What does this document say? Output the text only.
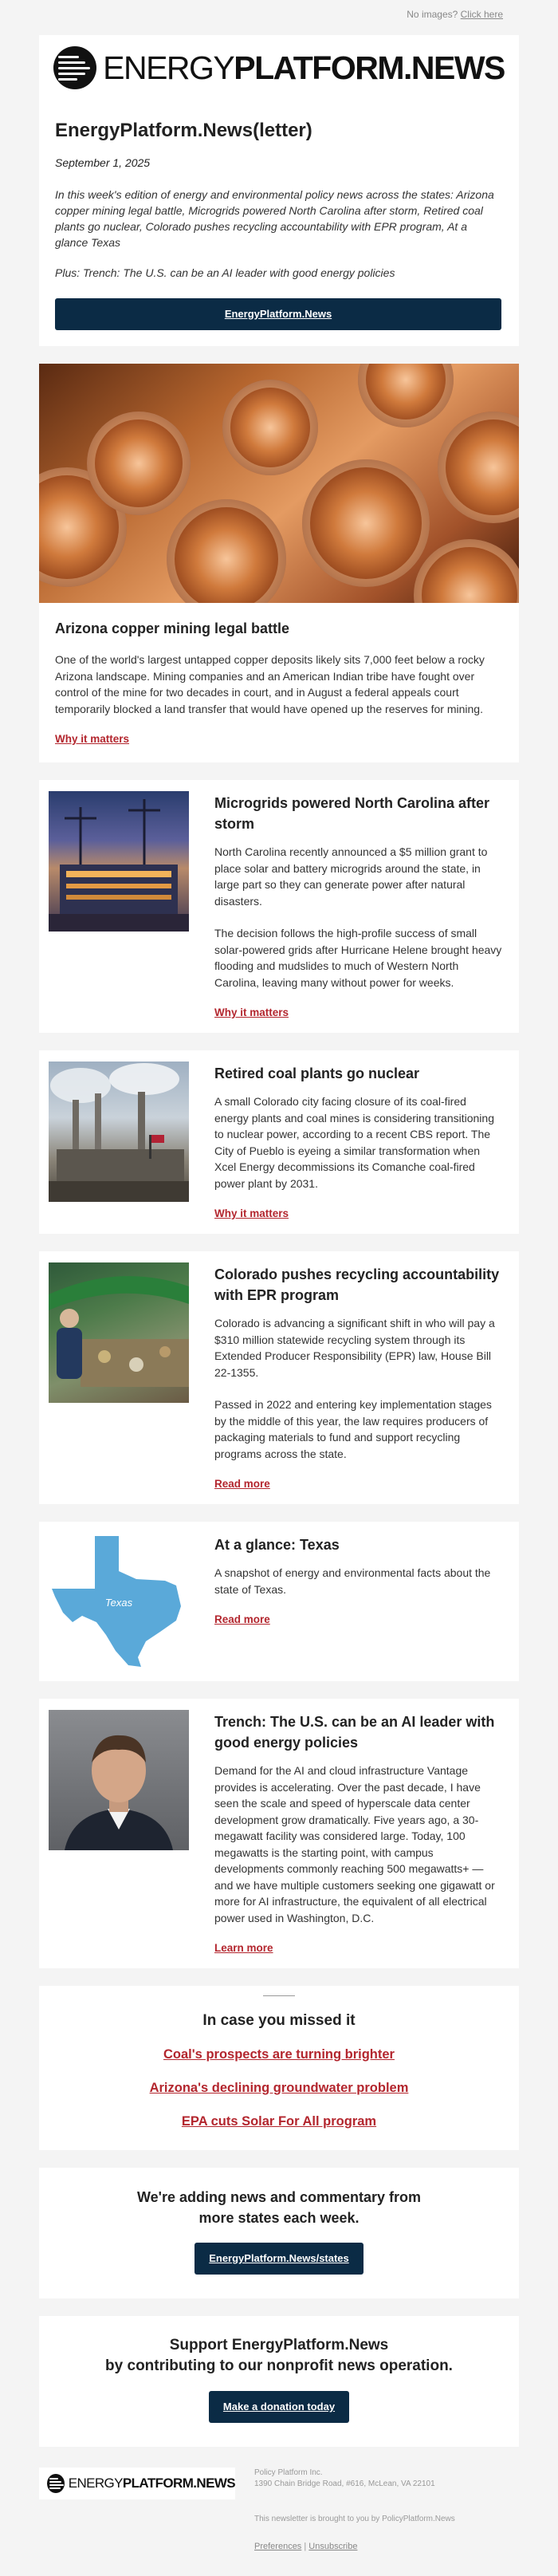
No images? Click here
ENERGYPLATFORM.NEWS
EnergyPlatform.News(letter)

September 1, 2025

In this week's edition of energy and environmental policy news across the states: Arizona copper mining legal battle, Microgrids powered North Carolina after storm, Retired coal plants go nuclear, Colorado pushes recycling accountability with EPR program, At a glance Texas

Plus: Trench: The U.S. can be an AI leader with good energy policies

EnergyPlatform.News
Arizona copper mining legal battle

One of the world's largest untapped copper deposits likely sits 7,000 feet below a rocky Arizona landscape. Mining companies and an American Indian tribe have fought over control of the mine for two decades in court, and in August a federal appeals court temporarily blocked a land transfer that would have opened up the reserves for mining.

Why it matters
Microgrids powered North Carolina after storm

North Carolina recently announced a $5 million grant to place solar and battery microgrids around the state, in large part so they can generate power after natural disasters.

The decision follows the high-profile success of small solar-powered grids after Hurricane Helene brought heavy flooding and mudslides to much of Western North Carolina, leaving many without power for weeks.

Why it matters
Retired coal plants go nuclear

A small Colorado city facing closure of its coal-fired energy plants and coal mines is considering transitioning to nuclear power, according to a recent CBS report. The City of Pueblo is eyeing a similar transformation when Xcel Energy decommissions its Comanche coal-fired power plant by 2031.

Why it matters
Colorado pushes recycling accountability with EPR program

Colorado is advancing a significant shift in who will pay a $310 million statewide recycling system through its Extended Producer Responsibility (EPR) law, House Bill 22-1355.

Passed in 2022 and entering key implementation stages by the middle of this year, the law requires producers of packaging materials to fund and support recycling programs across the state.

Read more
Texas
At a glance: Texas

A snapshot of energy and environmental facts about the state of Texas.

Read more
Trench: The U.S. can be an AI leader with good energy policies

Demand for the AI and cloud infrastructure Vantage provides is accelerating. Over the past decade, I have seen the scale and speed of hyperscale data center development grow dramatically. Five years ago, a 30-megawatt facility was considered large. Today, 100 megawatts is the starting point, with campus developments commonly reaching 500 megawatts+ — and we have multiple customers seeking one gigawatt or more for AI infrastructure, the equivalent of all electrical power used in Washington, D.C.

Learn more
In case you missed it
Coal's prospects are turning brighter
Arizona's declining groundwater problem
EPA cuts Solar For All program
We're adding news and commentary from
more states each week.
EnergyPlatform.News/states
Support EnergyPlatform.News
by contributing to our nonprofit news operation.
Make a donation today
ENERGYPLATFORM.NEWS

Policy Platform Inc.

1390 Chain Bridge Road, #616, McLean, VA 22101

This newsletter is brought to you by PolicyPlatform.News

Preferences | Unsubscribe
